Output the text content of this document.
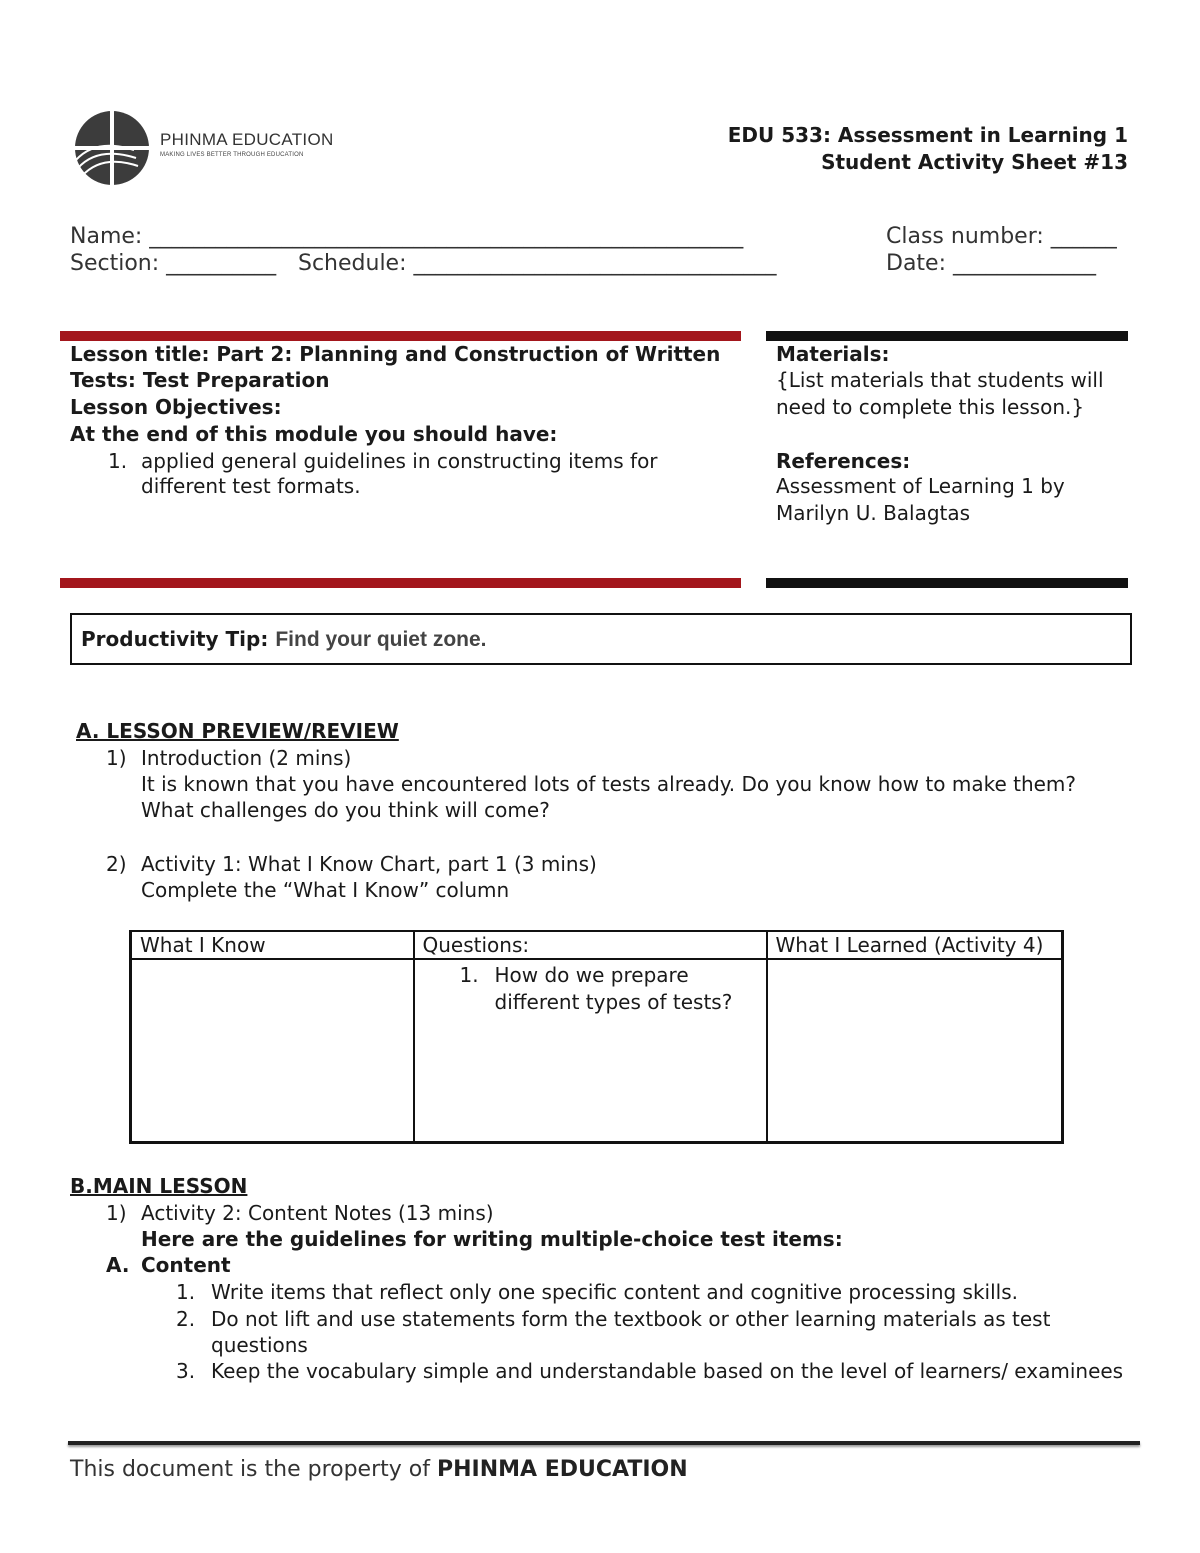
PHINMA EDUCATION
MAKING LIVES BETTER THROUGH EDUCATION
EDU 533: Assessment in Learning 1
Student Activity Sheet #13
Name: ______________________________________________________	Class number: ______
Section: __________ Schedule: _________________________________	Date: _____________
Lesson title: Part 2: Planning and Construction of Written
Tests: Test Preparation
Lesson Objectives:
At the end of this module you should have:
1. applied general guidelines in constructing items for
different test formats.
Materials:
{List materials that students will
need to complete this lesson.}
References:
Assessment of Learning 1 by
Marilyn U. Balagtas
Productivity Tip: Find your quiet zone.
A. LESSON PREVIEW/REVIEW
1) Introduction (2 mins)
It is known that you have encountered lots of tests already. Do you know how to make them?
What challenges do you think will come?
2) Activity 1: What I Know Chart, part 1 (3 mins)
Complete the “What I Know” column
What I Know	Questions:	What I Learned (Activity 4)

	1. How do we prepare
different types of tests?	

B.MAIN LESSON
1) Activity 2: Content Notes (13 mins)
Here are the guidelines for writing multiple-choice test items:
A. Content
1. Write items that reflect only one specific content and cognitive processing skills.
2. Do not lift and use statements form the textbook or other learning materials as test
questions
3. Keep the vocabulary simple and understandable based on the level of learners/ examinees
This document is the property of PHINMA EDUCATION
